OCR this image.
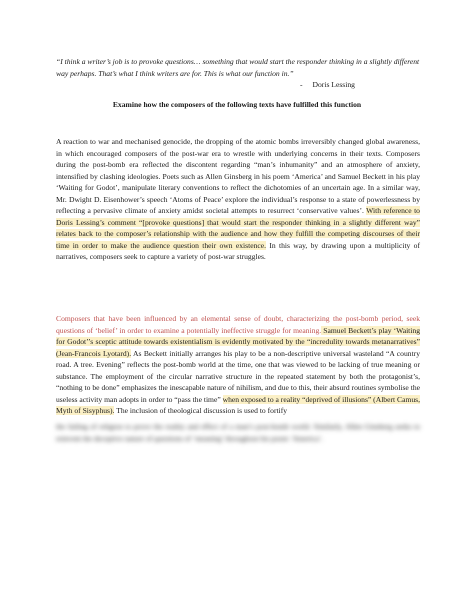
“I think a writer’s job is to provoke questions… something that would start the responder thinking in a slightly different way perhaps. That’s what I think writers are for. This is what our function in.”
- Doris Lessing
Examine how the composers of the following texts have fulfilled this function
A reaction to war and mechanised genocide, the dropping of the atomic bombs irreversibly changed global awareness, in which encouraged composers of the post-war era to wrestle with underlying concerns in their texts. Composers during the post-bomb era reflected the discontent regarding “man’s inhumanity” and an atmosphere of anxiety, intensified by clashing ideologies. Poets such as Allen Ginsberg in his poem ‘America’ and Samuel Beckett in his play ‘Waiting for Godot’, manipulate literary conventions to reflect the dichotomies of an uncertain age. In a similar way, Mr. Dwight D. Eisenhower’s speech ‘Atoms of Peace’ explore the individual’s response to a state of powerlessness by reflecting a pervasive climate of anxiety amidst societal attempts to resurrect ‘conservative values’. With reference to Doris Lessing’s comment “[provoke questions] that would start the responder thinking in a slightly different way” relates back to the composer’s relationship with the audience and how they fulfill the competing discourses of their time in order to make the audience question their own existence. In this way, by drawing upon a multiplicity of narratives, composers seek to capture a variety of post-war struggles.
Composers that have been influenced by an elemental sense of doubt, characterizing the post-bomb period, seek questions of ‘belief’ in order to examine a potentially ineffective struggle for meaning. Samuel Beckett’s play ‘Waiting for Godot’’s sceptic attitude towards existentialism is evidently motivated by the “incredulity towards metanarratives” (Jean-Francois Lyotard). As Beckett initially arranges his play to be a non-descriptive universal wasteland “A country road. A tree. Evening” reflects the post-bomb world at the time, one that was viewed to be lacking of true meaning or substance. The employment of the circular narrative structure in the repeated statement by both the protagonist’s, “nothing to be done” emphasizes the inescapable nature of nihilism, and due to this, their absurd routines symbolise the useless activity man adopts in order to “pass the time” when exposed to a reality “deprived of illusions” (Albert Camus, Myth of Sisyphus). The inclusion of theological discussion is used to fortify
the failing of religion to prove the reality and effect of a man’s post-bomb world. Similarly, Allen Ginsberg seeks to reinvent the deceptive nature of questions of ‘meaning’ throughout his poem ‘America’.
